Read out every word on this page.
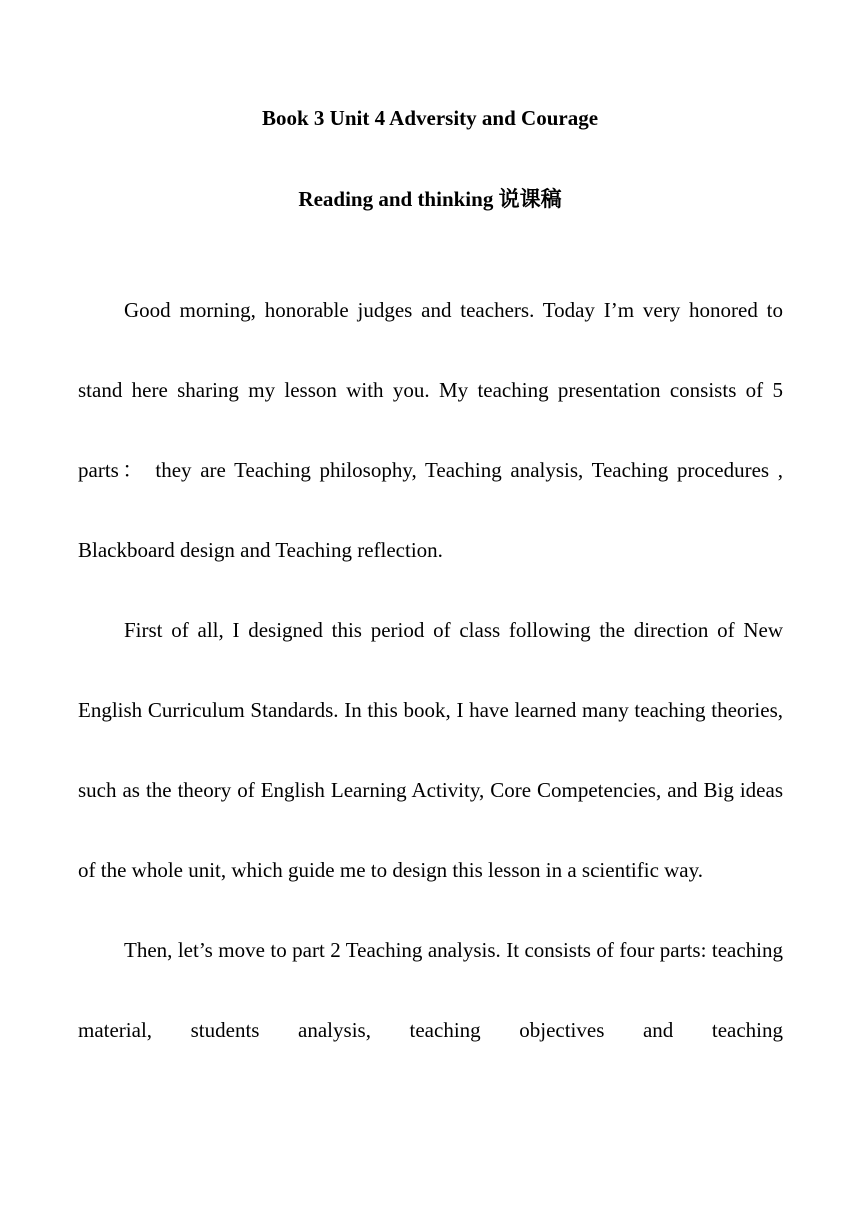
Book 3 Unit 4 Adversity and Courage
Reading and thinking 说课稿

Good morning, honorable judges and teachers. Today I’m very honored to stand here sharing my lesson with you. My teaching presentation consists of 5 parts： they are Teaching philosophy, Teaching analysis, Teaching procedures , Blackboard design and Teaching reflection.

First of all, I designed this period of class following the direction of New English Curriculum Standards. In this book, I have learned many teaching theories, such as the theory of English Learning Activity, Core Competencies, and Big ideas of the whole unit, which guide me to design this lesson in a scientific way.

Then, let’s move to part 2 Teaching analysis. It consists of four parts: teaching material, students analysis, teaching objectives and teaching
